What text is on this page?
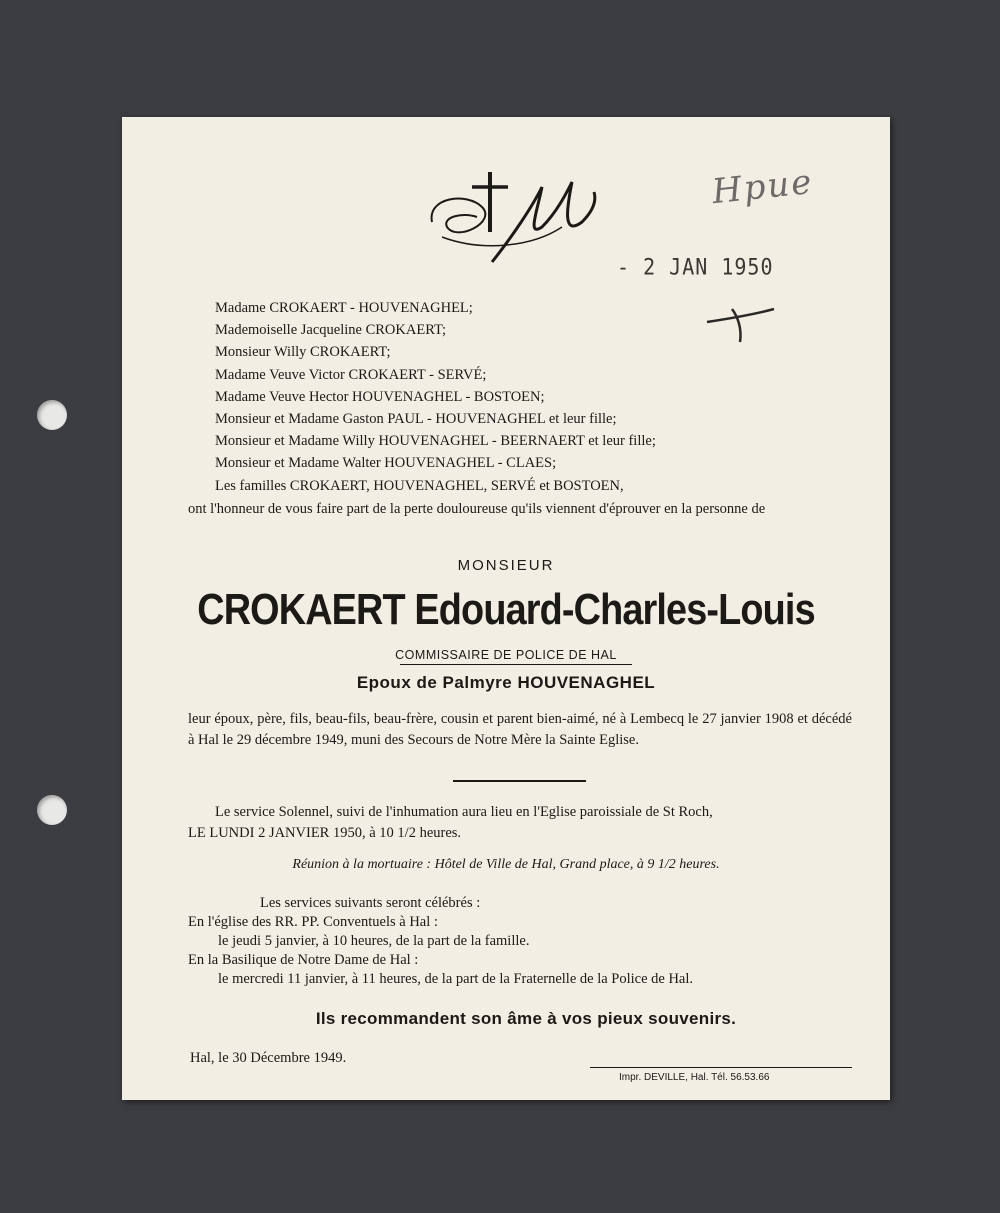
Hpue
- 2 JAN 1950
Madame CROKAERT - HOUVENAGHEL;
Mademoiselle Jacqueline CROKAERT;
Monsieur Willy CROKAERT;
Madame Veuve Victor CROKAERT - SERVÉ;
Madame Veuve Hector HOUVENAGHEL - BOSTOEN;
Monsieur et Madame Gaston PAUL - HOUVENAGHEL et leur fille;
Monsieur et Madame Willy HOUVENAGHEL - BEERNAERT et leur fille;
Monsieur et Madame Walter HOUVENAGHEL - CLAES;
Les familles CROKAERT, HOUVENAGHEL, SERVÉ et BOSTOEN,
ont l'honneur de vous faire part de la perte douloureuse qu'ils viennent d'éprouver en la personne de
MONSIEUR
CROKAERT Edouard-Charles-Louis
COMMISSAIRE DE POLICE DE HAL
Epoux de Palmyre HOUVENAGHEL
leur époux, père, fils, beau-fils, beau-frère, cousin et parent bien-aimé, né à Lembecq le 27 janvier 1908 et décédé à Hal le 29 décembre 1949, muni des Secours de Notre Mère la Sainte Eglise.
Le service Solennel, suivi de l'inhumation aura lieu en l'Eglise paroissiale de St Roch,
LE LUNDI 2 JANVIER 1950, à 10 1/2 heures.
Réunion à la mortuaire : Hôtel de Ville de Hal, Grand place, à 9 1/2 heures.
Les services suivants seront célébrés :
En l'église des RR. PP. Conventuels à Hal :
le jeudi 5 janvier, à 10 heures, de la part de la famille.
En la Basilique de Notre Dame de Hal :
le mercredi 11 janvier, à 11 heures, de la part de la Fraternelle de la Police de Hal.
Ils recommandent son âme à vos pieux souvenirs.
Hal, le 30 Décembre 1949.
Impr. DEVILLE, Hal. Tél. 56.53.66
